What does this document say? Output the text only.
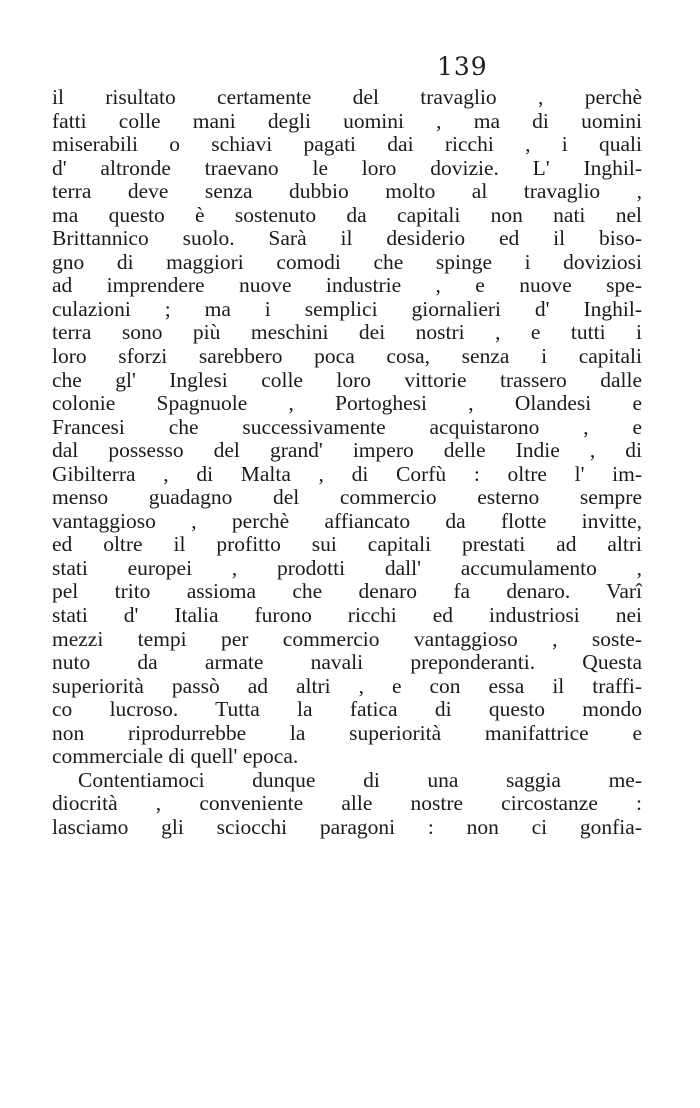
139
il risultato certamente del travaglio , perchè
fatti colle mani degli uomini , ma di uomini
miserabili o schiavi pagati dai ricchi , i quali
d' altronde traevano le loro dovizie. L' Inghil-
terra deve senza dubbio molto al travaglio ,
ma questo è sostenuto da capitali non nati nel
Brittannico suolo. Sarà il desiderio ed il biso-
gno di maggiori comodi che spinge i doviziosi
ad imprendere nuove industrie , e nuove spe-
culazioni ; ma i semplici giornalieri d' Inghil-
terra sono più meschini dei nostri , e tutti i
loro sforzi sarebbero poca cosa, senza i capitali
che gl' Inglesi colle loro vittorie trassero dalle
colonie Spagnuole , Portoghesi , Olandesi e
Francesi che successivamente acquistarono , e
dal possesso del grand' impero delle Indie , di
Gibilterra , di Malta , di Corfù : oltre l' im-
menso guadagno del commercio esterno sempre
vantaggioso , perchè affiancato da flotte invitte,
ed oltre il profitto sui capitali prestati ad altri
stati europei , prodotti dall' accumulamento ,
pel trito assioma che denaro fa denaro. Varî
stati d' Italia furono ricchi ed industriosi nei
mezzi tempi per commercio vantaggioso , soste-
nuto da armate navali preponderanti. Questa
superiorità passò ad altri , e con essa il traffi-
co lucroso. Tutta la fatica di questo mondo
non riprodurrebbe la superiorità manifattrice e
commerciale di quell' epoca.
Contentiamoci dunque di una saggia me-
diocrità , conveniente alle nostre circostanze :
lasciamo gli sciocchi paragoni : non ci gonfia-
